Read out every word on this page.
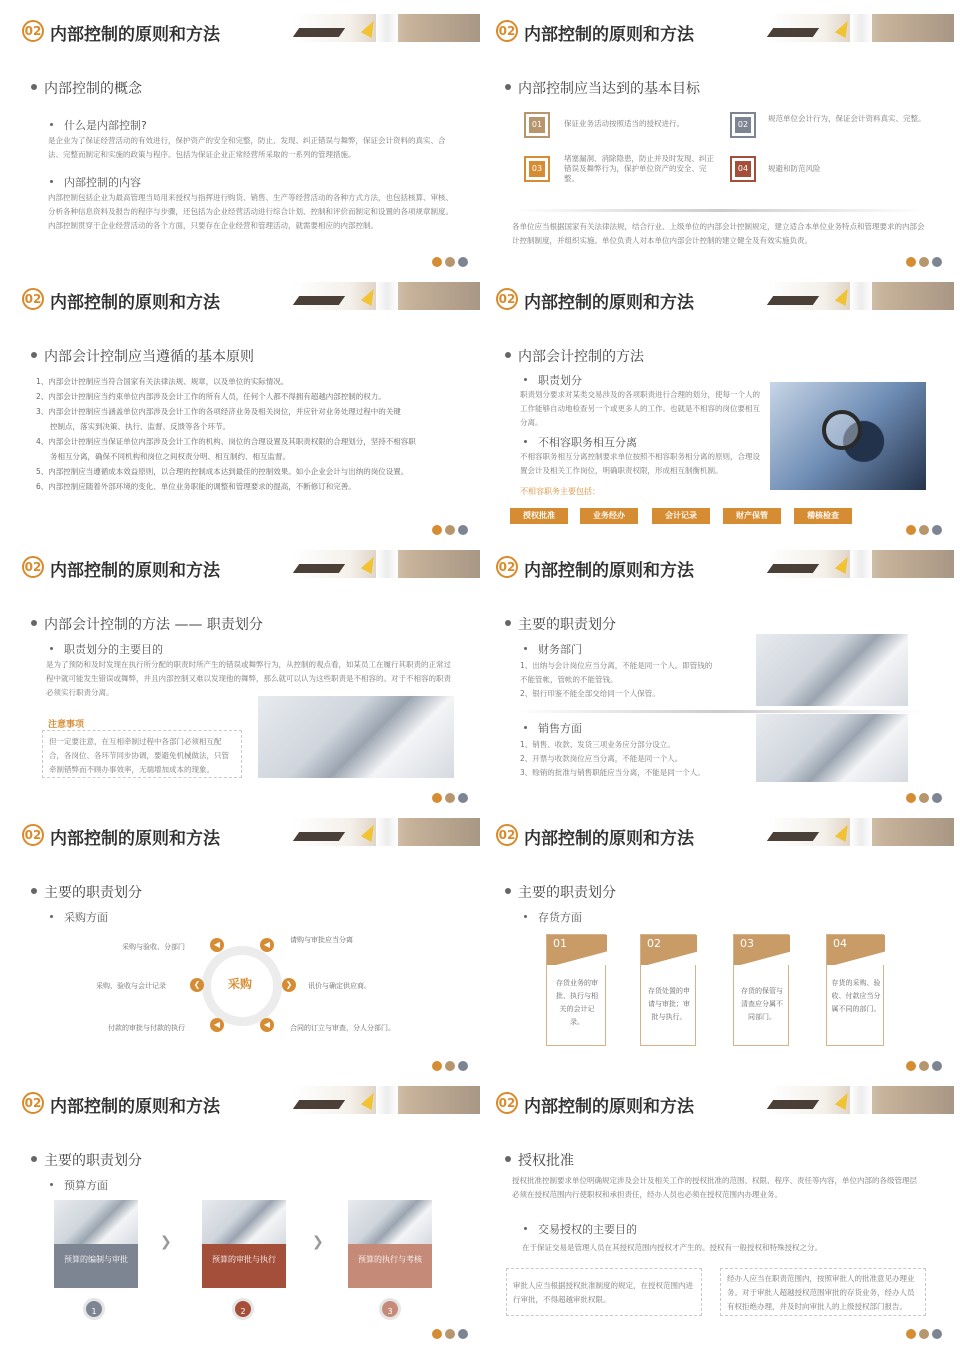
02 内部控制的原则和方法
内部控制的概念
什么是内部控制?
是企业为了保证经营活动的有效进行，保护资产的安全和完整，防止、发现、纠正错误与舞弊，保证会计资料的真实、合法、完整而制定和实施的政策与程序。包括为保证企业正常经营所采取的一系列的管理措施。
内部控制的内容
内部控制包括企业为最高管理当局用来授权与指挥进行购货、销售、生产等经营活动的各种方式方法，也包括核算、审核、分析各种信息资料及报告的程序与步骤，还包括为企业经营活动进行综合计划、控制和评价而制定和设置的各项规章制度。内部控制贯穿于企业经营活动的各个方面，只要存在企业经营和管理活动，就需要相应的内部控制。
02 内部控制的原则和方法
内部控制应当达到的基本目标
01	保证业务活动按照适当的授权进行。	02
规范单位会计行为，保证会计资料真实、完整。
03
堵塞漏洞、消除隐患，防止并及时发现、纠正错误及舞弊行为，保护单位资产的安全、完整。
04	规避和防范风险
各单位应当根据国家有关法律法规，结合行业、上级单位的内部会计控制规定，建立适合本单位业务特点和管理要求的内部会计控制制度，并组织实施。单位负责人对本单位内部会计控制的建立健全及有效实施负责。
02 内部控制的原则和方法
内部会计控制应当遵循的基本原则
1、内部会计控制应当符合国家有关法律法规、规章，以及单位的实际情况。
2、内部会计控制应当约束单位内部涉及会计工作的所有人员，任何个人都不得拥有超越内部控制的权力。
3、内部会计控制应当涵盖单位内部涉及会计工作的各项经济业务及相关岗位，并应针对业务处理过程中的关键
控制点，落实到决策、执行、监督、反馈等各个环节。
4、内部会计控制应当保证单位内部涉及会计工作的机构、岗位的合理设置及其职责权限的合理划分，坚持不相容职
务相互分离，确保不同机构和岗位之间权责分明、相互制约、相互监督。
5、内部控制应当遵循成本效益原则，以合理的控制成本达到最佳的控制效果。如小企业会计与出纳的岗位设置。
6、内部控制应随着外部环境的变化、单位业务职能的调整和管理要求的提高，不断修订和完善。
02 内部控制的原则和方法
内部会计控制的方法
职责划分
职责划分要求对某类交易涉及的各项职责进行合理的划分，使每一个人的工作能够自动地检查另一个或更多人的工作。也就是不相容的岗位要相互分离。
不相容职务相互分离
不相容职务相互分离控制要求单位按照不相容职务相分离的原则，合理设置会计及相关工作岗位，明确职责权限，形成相互制衡机制。
不相容职务主要包括：
授权批准	业务经办	会计记录	财产保管	稽核检查
02 内部控制的原则和方法
内部会计控制的方法 —— 职责划分
职责划分的主要目的
是为了预防和及时发现在执行所分配的职责时所产生的错误或舞弊行为，从控制的观点看，如某员工在履行其职责的正常过程中就可能发生错误或舞弊，并且内部控制又难以发现他的舞弊，那么就可以认为这些职责是不相容的。对于不相容的职责必须实行职责分离。
注意事项
但一定要注意，在互相牵制过程中各部门必须相互配合，各岗位、各环节同步协调，要避免机械做法，只管牵制错弊而不顾办事效率，无端增加成本的现象。
02 内部控制的原则和方法
主要的职责划分
财务部门
1、出纳与会计岗位应当分离，不能是同一个人。即管钱的不能管帐，管帐的不能管钱。
2、银行印鉴不能全部交给同一个人保管。
销售方面
1、销售、收款、发货三项业务应分部分设立。
2、开票与收款岗位应当分离，不能是同一个人。
3、赊销的批准与销售职能应当分离，不能是同一个人。
02 内部控制的原则和方法
主要的职责划分
采购方面
采购
◀	◀
❮	❯
◀	◀
采购与验收、分部门
请购与审批应当分离
采购、验收与会计记录	讯价与确定供应商。
付款的审批与付款的执行	合同的订立与审查，分人分部门。
02 内部控制的原则和方法
主要的职责划分
存货方面
01
存货业务的审批、执行与相关的会计记录。
02
存货处置的申请与审批；审批与执行。
03
存货的保管与清查应分属不同部门。
04
存货的采购、验收、付款应当分属不同的部门。
02 内部控制的原则和方法
主要的职责划分
预算方面
预算的编制与审批
1
❯
预算的审批与执行
2
❯
预算的执行与考核
3
02 内部控制的原则和方法
授权批准
授权批准控制要求单位明确规定涉及会计及相关工作的授权批准的范围、权限、程序、责任等内容，单位内部的各级管理层必须在授权范围内行使职权和承担责任，经办人员也必须在授权范围内办理业务。
交易授权的主要目的
在于保证交易是管理人员在其授权范围内授权才产生的。授权有一般授权和特殊授权之分。
审批人应当根据授权批准制度的规定，在授权范围内进行审批，不得超越审批权限。
经办人应当在职责范围内，按照审批人的批准意见办理业务。对于审批人超越授权范围审批的存货业务，经办人员有权拒绝办理，并及时向审批人的上级授权部门报告。
